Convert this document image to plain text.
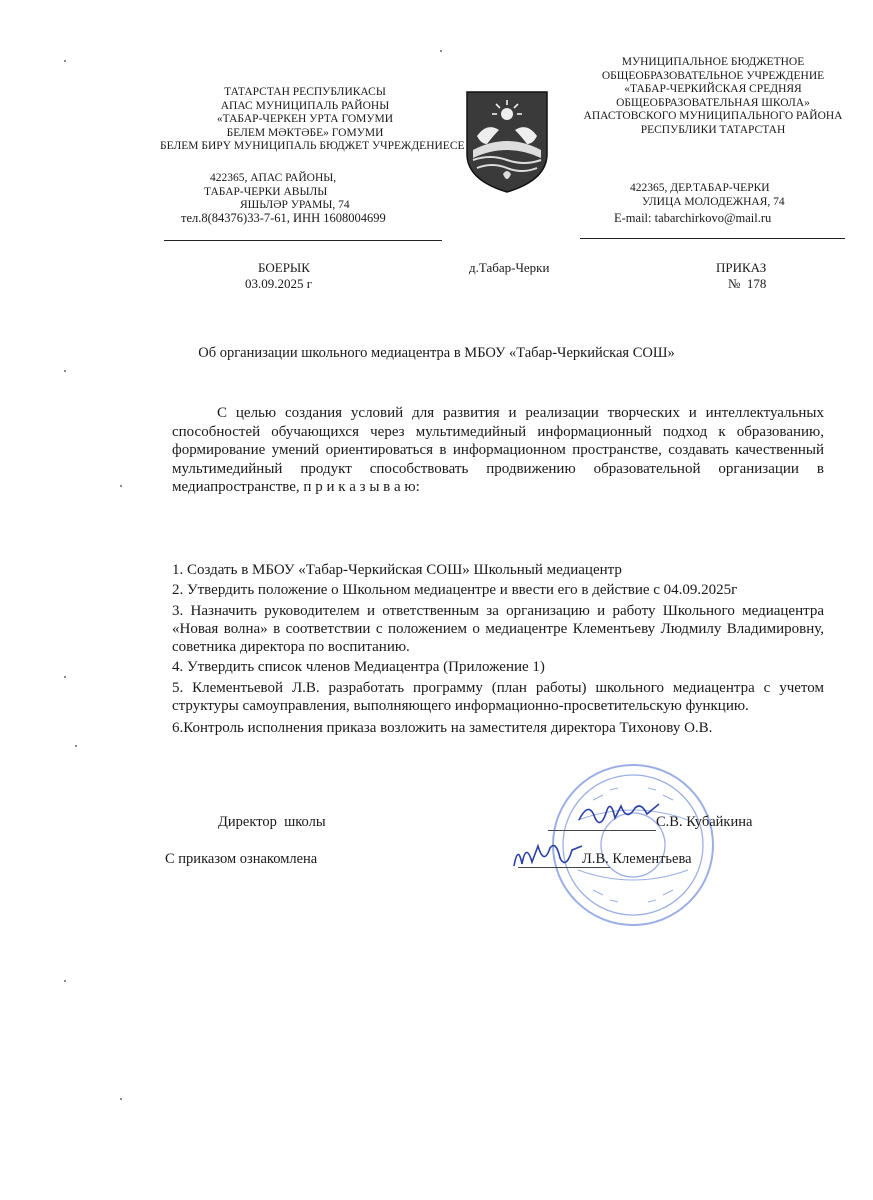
ТАТАРСТАН РЕСПУБЛИКАСЫ
АПАС МУНИЦИПАЛЬ РАЙОНЫ
«ТАБАР-ЧЕРКЕН УРТА ГОМУМИ
БЕЛЕМ МӘКТӘБЕ» ГОМУМИ
БЕЛЕМ БИРҮ МУНИЦИПАЛЬ БЮДЖЕТ УЧРЕЖДЕНИЕСЕ
422365, АПАС РАЙОНЫ,
ТАБАР-ЧЕРКИ АВЫЛЫ
ЯШЬЛӘР УРАМЫ, 74
тел.8(84376)33-7-61, ИНН 1608004699
МУНИЦИПАЛЬНОЕ БЮДЖЕТНОЕ
ОБЩЕОБРАЗОВАТЕЛЬНОЕ УЧРЕЖДЕНИЕ
«ТАБАР-ЧЕРКИЙСКАЯ СРЕДНЯЯ
ОБЩЕОБРАЗОВАТЕЛЬНАЯ ШКОЛА»
АПАСТОВСКОГО МУНИЦИПАЛЬНОГО РАЙОНА
РЕСПУБЛИКИ ТАТАРСТАН
422365, ДЕР.ТАБАР-ЧЕРКИ
УЛИЦА МОЛОДЕЖНАЯ, 74
E-mail: tabarchirkovo@mail.ru
БОЕРЫК
03.09.2025 г
д.Табар-Черки	ПРИКАЗ
№  178
Об организации школьного медиацентра в МБОУ «Табар-Черкийская СОШ»
С целью создания условий для развития и реализации творческих и интеллектуальных способностей обучающихся через мультимедийный информационный подход к образованию, формирование умений ориентироваться в информационном пространстве, создавать качественный мультимедийный продукт способствовать продвижению образовательной организации в медиапространстве, п р и к а з ы в а ю:

1. Создать в МБОУ «Табар-Черкийская СОШ» Школьный медиацентр

2. Утвердить положение о Школьном медиацентре и ввести его в действие с 04.09.2025г

3. Назначить руководителем и ответственным за организацию и работу Школьного медиацентра «Новая волна» в соответствии с положением о медиацентре Клементьеву Людмилу Владимировну, советника директора по воспитанию.

4. Утвердить список членов Медиацентра (Приложение 1)

5. Клементьевой Л.В. разработать программу (план работы) школьного медиацентра с учетом структуры самоуправления, выполняющего информационно-просветительскую функцию.

6.Контроль исполнения приказа возложить на заместителя директора Тихонову О.В.

Директор  школы	С.В. Кубайкина
С приказом ознакомлена	Л.В. Клементьева
